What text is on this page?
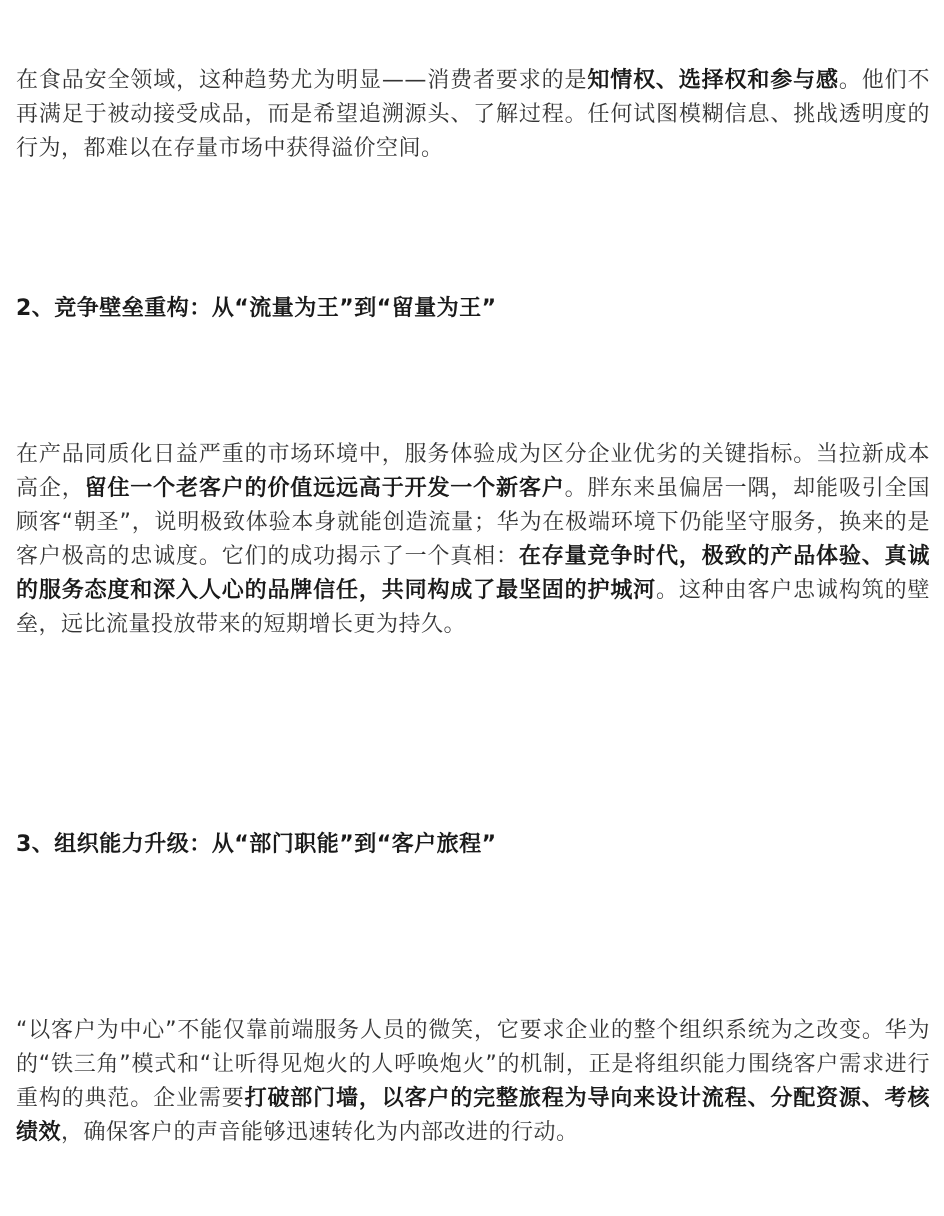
在食品安全领域，这种趋势尤为明显——消费者要求的是知情权、选择权和参与感。他们不再满足于被动接受成品，而是希望追溯源头、了解过程。任何试图模糊信息、挑战透明度的行为，都难以在存量市场中获得溢价空间。

2、竞争壁垒重构：从“流量为王”到“留量为王”

在产品同质化日益严重的市场环境中，服务体验成为区分企业优劣的关键指标。当拉新成本高企，留住一个老客户的价值远远高于开发一个新客户。胖东来虽偏居一隅，却能吸引全国顾客“朝圣”，说明极致体验本身就能创造流量；华为在极端环境下仍能坚守服务，换来的是客户极高的忠诚度。它们的成功揭示了一个真相：在存量竞争时代，极致的产品体验、真诚的服务态度和深入人心的品牌信任，共同构成了最坚固的护城河。这种由客户忠诚构筑的壁垒，远比流量投放带来的短期增长更为持久。

3、组织能力升级：从“部门职能”到“客户旅程”

“以客户为中心”不能仅靠前端服务人员的微笑，它要求企业的整个组织系统为之改变。华为的“铁三角”模式和“让听得见炮火的人呼唤炮火”的机制，正是将组织能力围绕客户需求进行重构的典范。企业需要打破部门墙，以客户的完整旅程为导向来设计流程、分配资源、考核绩效，确保客户的声音能够迅速转化为内部改进的行动。
